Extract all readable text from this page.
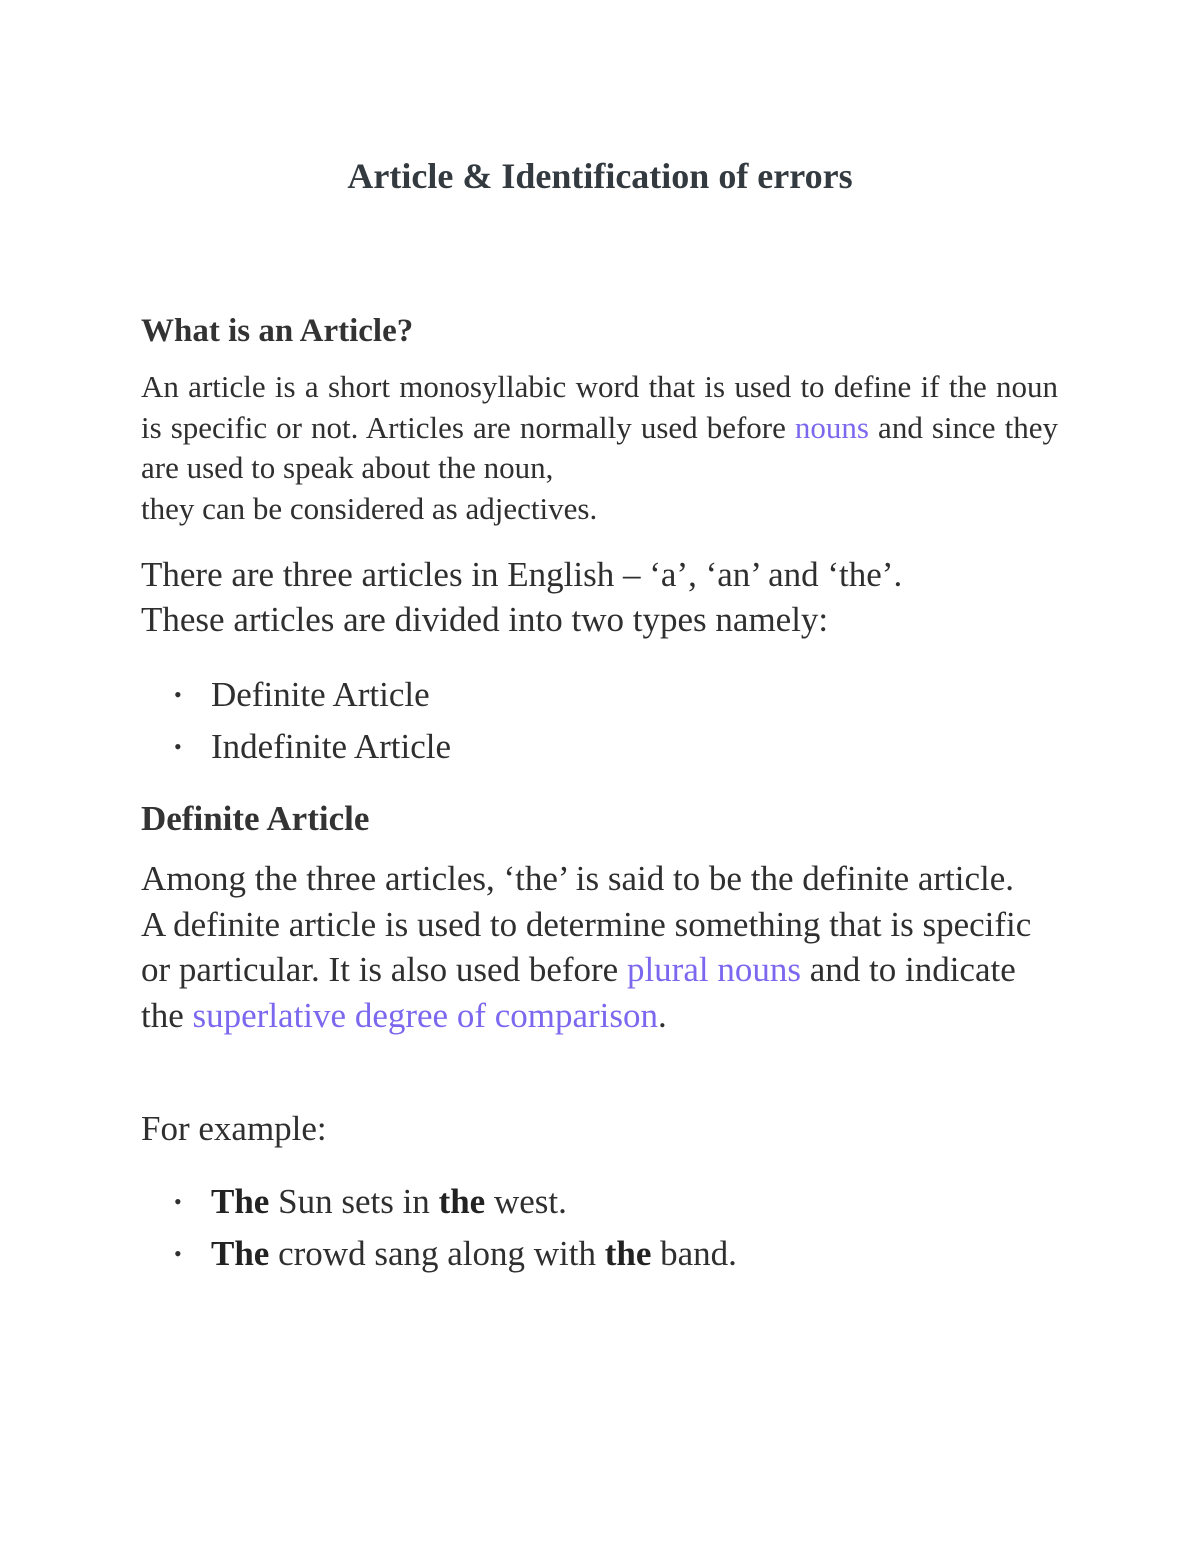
Article & Identification of errors
What is an Article?

An article is a short monosyllabic word that is used to define if the noun is specific or not. Articles are normally used before nouns and since they are used to speak about the noun,
they can be considered as adjectives.

There are three articles in English – ‘a’, ‘an’ and ‘the’.
These articles are divided into two types namely:
• Definite Article
• Indefinite Article
Definite Article

Among the three articles, ‘the’ is said to be the definite article. A definite article is used to determine something that is specific or particular. It is also used before plural nouns and to indicate the superlative degree of comparison.

For example:
• The Sun sets in the west.
• The crowd sang along with the band.
